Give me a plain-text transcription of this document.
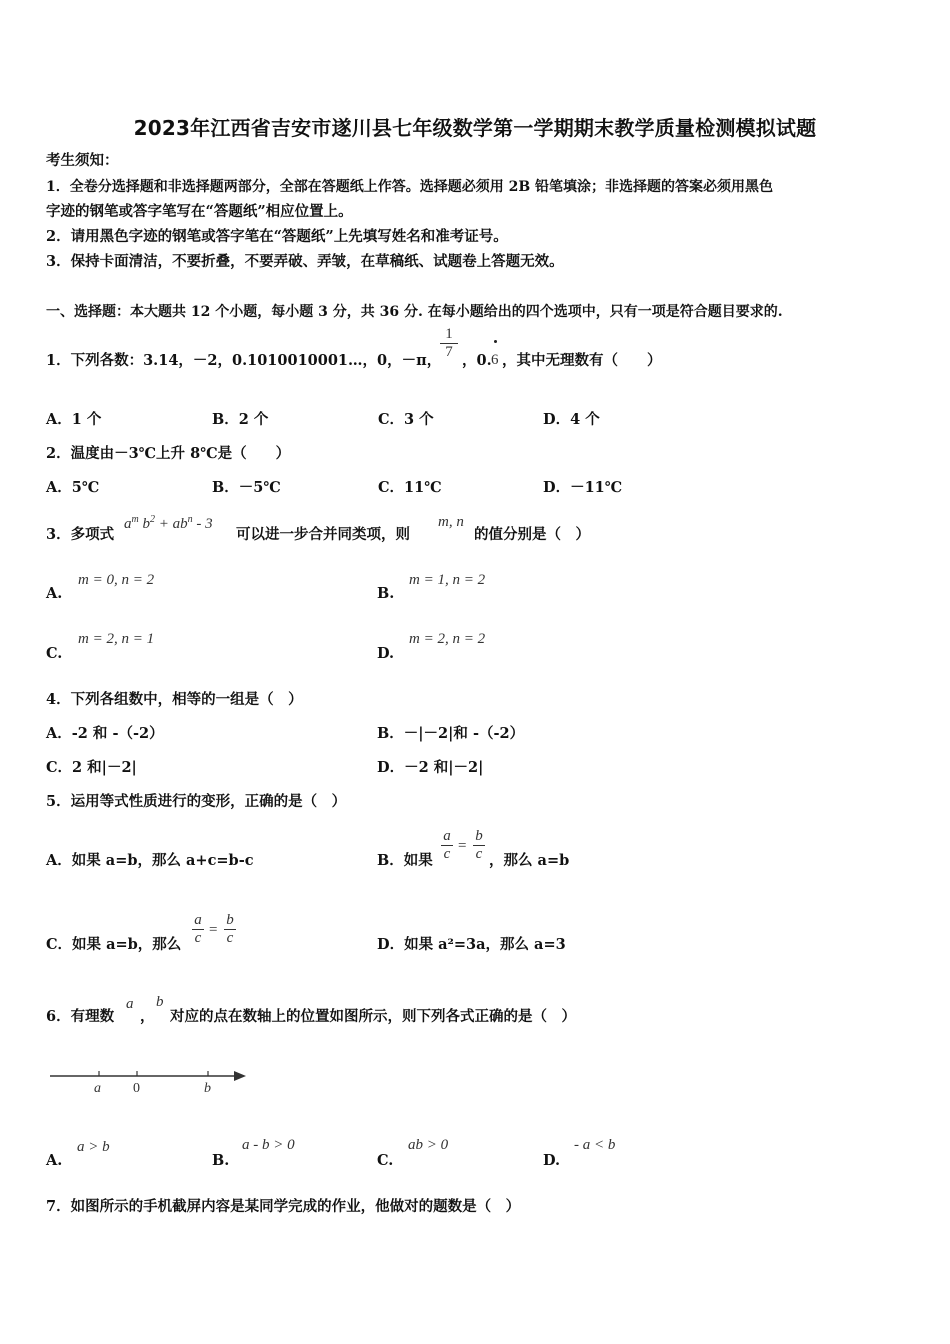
2023年江西省吉安市遂川县七年级数学第一学期期末教学质量检测模拟试题
考生须知：
1．全卷分选择题和非选择题两部分，全部在答题纸上作答。选择题必须用 2B 铅笔填涂；非选择题的答案必须用黑色
字迹的钢笔或答字笔写在“答题纸”相应位置上。
2．请用黑色字迹的钢笔或答字笔在“答题纸”上先填写姓名和准考证号。
3．保持卡面清洁，不要折叠，不要弄破、弄皱，在草稿纸、试题卷上答题无效。
一、选择题：本大题共 12 个小题，每小题 3 分，共 36 分. 在每小题给出的四个选项中，只有一项是符合题目要求的.
1．下列各数：3.14，－2，0.1010010001…，0，－π，
$\frac{1}{7}$ ，0. 6 ，其中无理数有（　　）
A．1 个	B．2 个	C．3 个	D．4 个
2．温度由－3℃上升 8℃是（　　）
A．5℃	B．－5℃	C．11℃	D．－11℃
3．多项式
$a^m$ $b^2 + ab^n - 3$
可以进一步合并同类项，则
m, n
的值分别是（　）
A.
m = 0, n = 2
B.
m = 1, n = 2
C.
m = 2, n = 1
D.
m = 2, n = 2
4．下列各组数中，相等的一组是（　）
A．-2 和 -（-2）	B．－|－2|和 -（-2）
C．2 和|－2|	D．－2 和|－2|
5．运用等式性质进行的变形，正确的是（　）
A．如果 a=b，那么 a+c=b-c	B．如果 $\frac{a}{c} = \frac{b}{c}$ ，那么 a=b
C．如果 a=b，那么 $\frac{a}{c} = \frac{b}{c}$	D．如果 a²=3a，那么 a=3
6．有理数
a
，
b
对应的点在数轴上的位置如图所示，则下列各式正确的是（　）
a 0	b
A.
a > b
B.
a - b > 0
C.
ab > 0
D.
- a < b
7．如图所示的手机截屏内容是某同学完成的作业，他做对的题数是（　）
